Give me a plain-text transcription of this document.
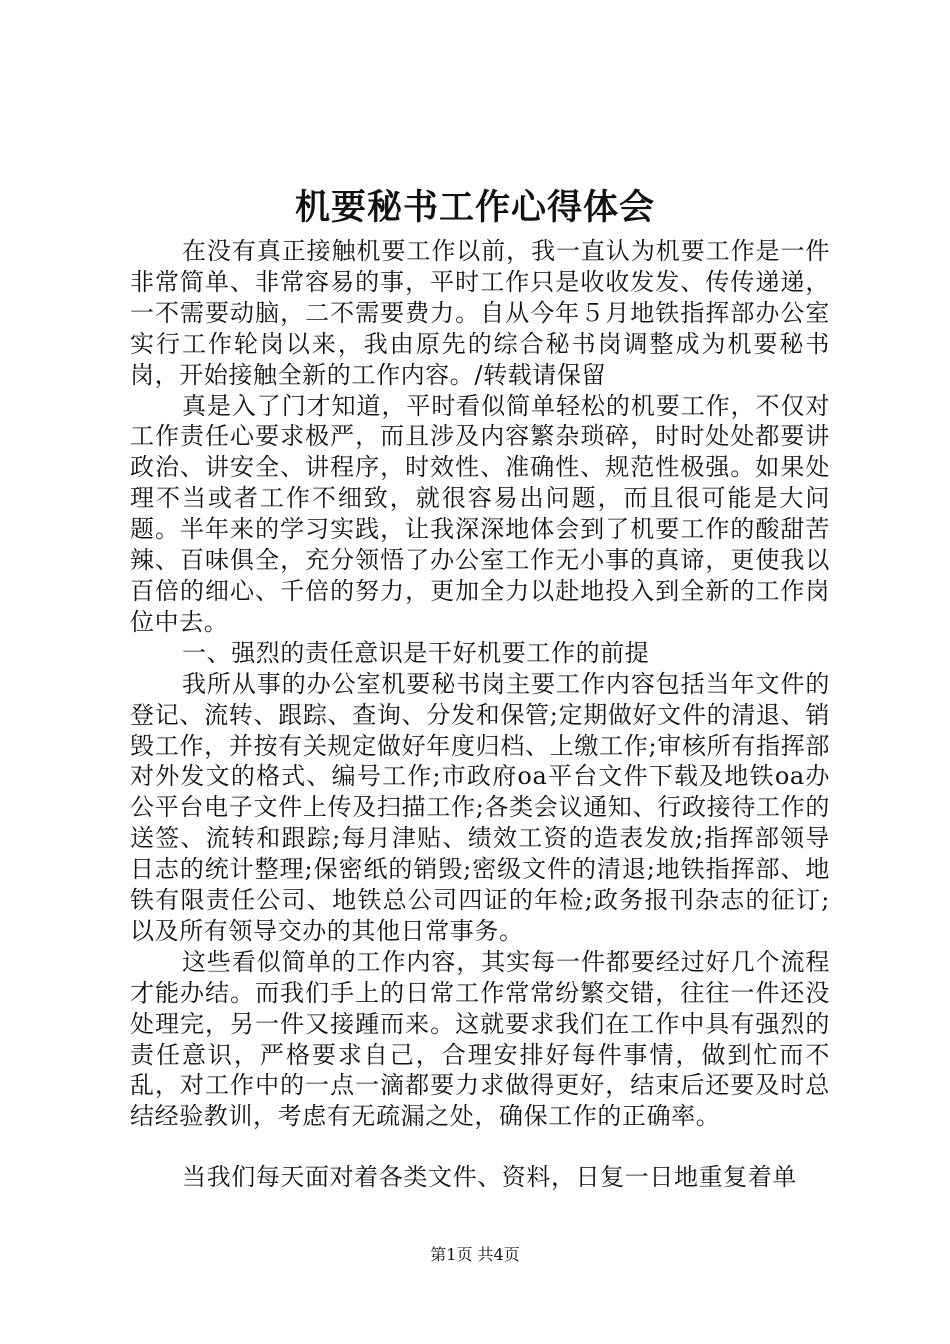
机要秘书工作心得体会

在没有真正接触机要工作以前，我一直认为机要工作是一件非常简单、非常容易的事，平时工作只是收收发发、传传递递，一不需要动脑，二不需要费力。自从今年５月地铁指挥部办公室实行工作轮岗以来，我由原先的综合秘书岗调整成为机要秘书岗，开始接触全新的工作内容。/转载请保留

真是入了门才知道，平时看似简单轻松的机要工作，不仅对工作责任心要求极严，而且涉及内容繁杂琐碎，时时处处都要讲政治、讲安全、讲程序，时效性、准确性、规范性极强。如果处理不当或者工作不细致，就很容易出问题，而且很可能是大问题。半年来的学习实践，让我深深地体会到了机要工作的酸甜苦辣、百味俱全，充分领悟了办公室工作无小事的真谛，更使我以百倍的细心、千倍的努力，更加全力以赴地投入到全新的工作岗位中去。

一、强烈的责任意识是干好机要工作的前提

我所从事的办公室机要秘书岗主要工作内容包括当年文件的登记、流转、跟踪、查询、分发和保管;定期做好文件的清退、销毁工作，并按有关规定做好年度归档、上缴工作;审核所有指挥部对外发文的格式、编号工作;市政府oa平台文件下载及地铁oa办公平台电子文件上传及扫描工作;各类会议通知、行政接待工作的送签、流转和跟踪;每月津贴、绩效工资的造表发放;指挥部领导日志的统计整理;保密纸的销毁;密级文件的清退;地铁指挥部、地铁有限责任公司、地铁总公司四证的年检;政务报刊杂志的征订;以及所有领导交办的其他日常事务。

这些看似简单的工作内容，其实每一件都要经过好几个流程才能办结。而我们手上的日常工作常常纷繁交错，往往一件还没处理完，另一件又接踵而来。这就要求我们在工作中具有强烈的责任意识，严格要求自己，合理安排好每件事情，做到忙而不乱，对工作中的一点一滴都要力求做得更好，结束后还要及时总结经验教训，考虑有无疏漏之处，确保工作的正确率。

当我们每天面对着各类文件、资料，日复一日地重复着单

第1页 共4页
